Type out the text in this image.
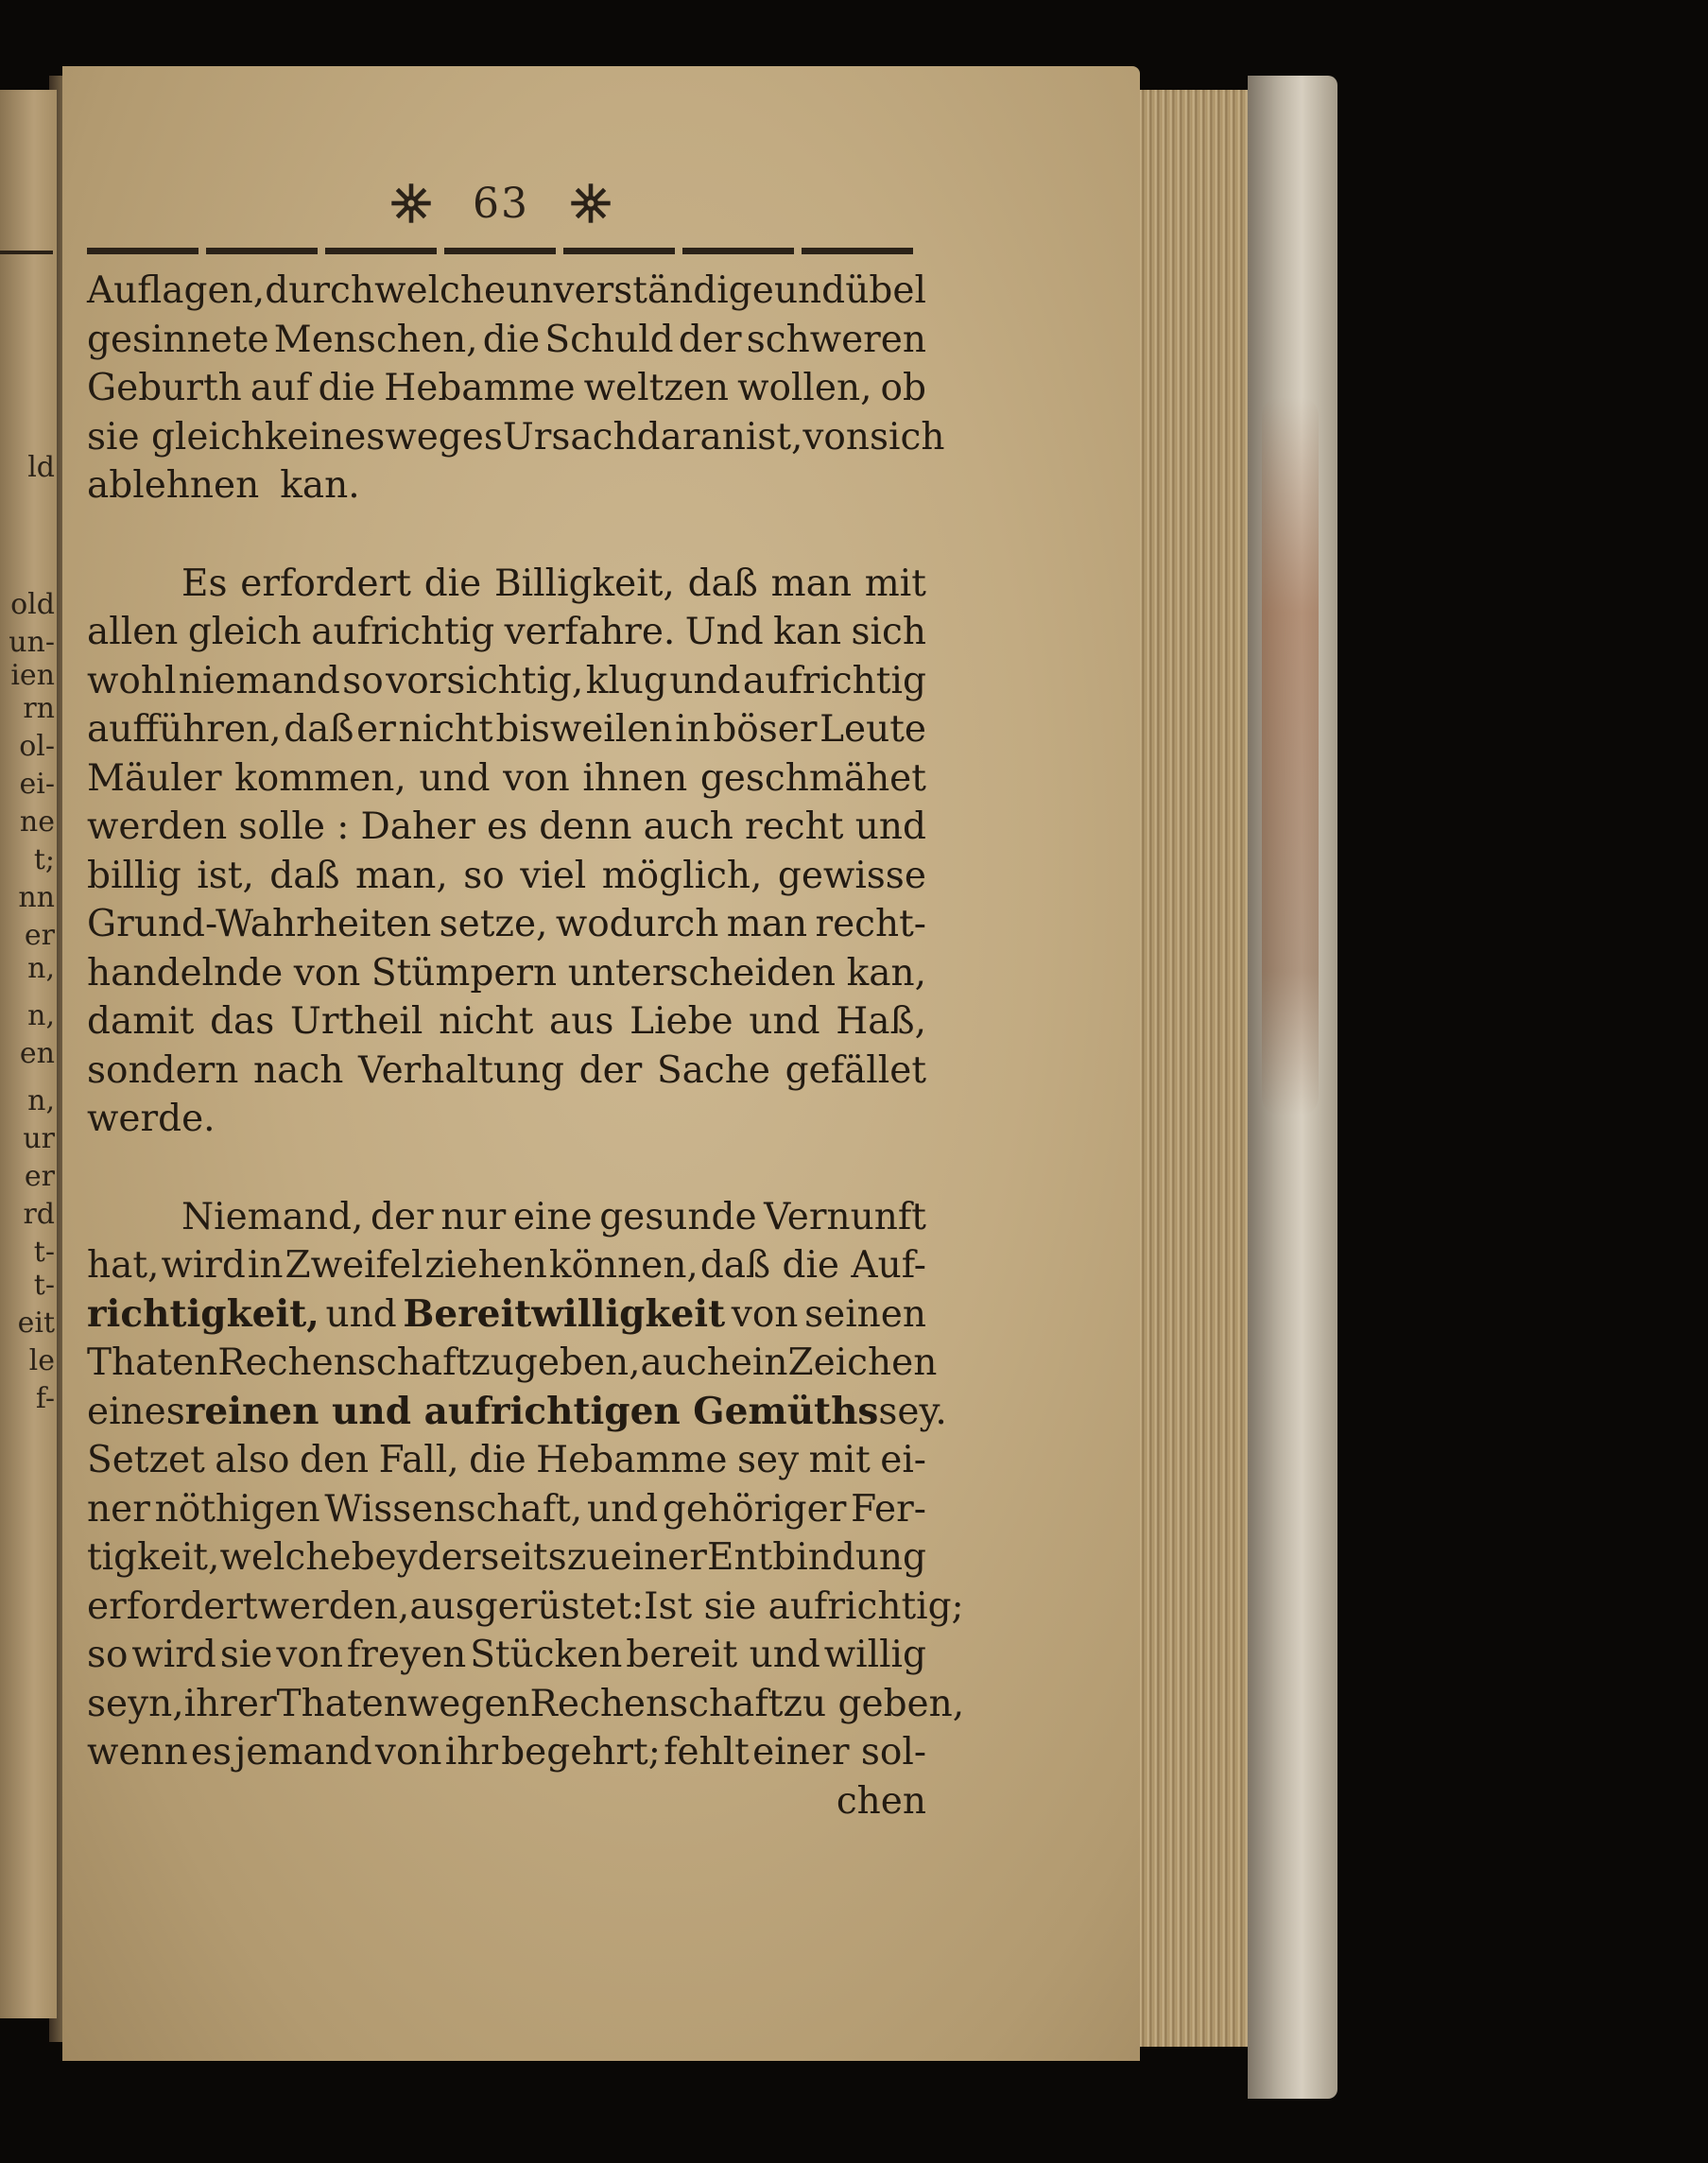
ld
old
un-
ien
rn
ol-
ei-
ne
t;
nn
er
n,
n,
en
n,
ur
er
rd
t-
t-
eit
le
f-
63
Auflagen, durch welche unverständige und übel
gesinnete Menschen, die Schuld der schweren
Geburth auf die Hebamme weltzen wollen, ob
sie gleich keinesweges Ursach daran ist, von sich
ablehnen kan.
Es erfordert die Billigkeit, daß man mit
allen gleich aufrichtig verfahre. Und kan sich
wohl niemand so vorsichtig, klug und aufrichtig
aufführen, daß er nicht bisweilen in böser Leute
Mäuler kommen, und von ihnen geschmähet
werden solle : Daher es denn auch recht und
billig ist, daß man, so viel möglich, gewisse
Grund-Wahrheiten setze, wodurch man recht-
handelnde von Stümpern unterscheiden kan,
damit das Urtheil nicht aus Liebe und Haß,
sondern nach Verhaltung der Sache gefället
werde.
Niemand, der nur eine gesunde Vernunft
hat, wird in Zweifel ziehen können, daß die Auf-
richtigkeit, und Bereitwilligkeit von seinen
Thaten Rechenschaft zu geben, auch ein Zeichen
eines reinen und aufrichtigen Gemüths sey.
Setzet also den Fall, die Hebamme sey mit ei-
ner nöthigen Wissenschaft, und gehöriger Fer-
tigkeit, welche beyderseits zu einer Entbindung
erfordert werden, ausgerüstet: Ist sie aufrichtig;
so wird sie von freyen Stücken bereit und willig
seyn, ihrer Thaten wegen Rechenschaft zu geben,
wenn es jemand von ihr begehrt; fehlt einer sol-
chen
